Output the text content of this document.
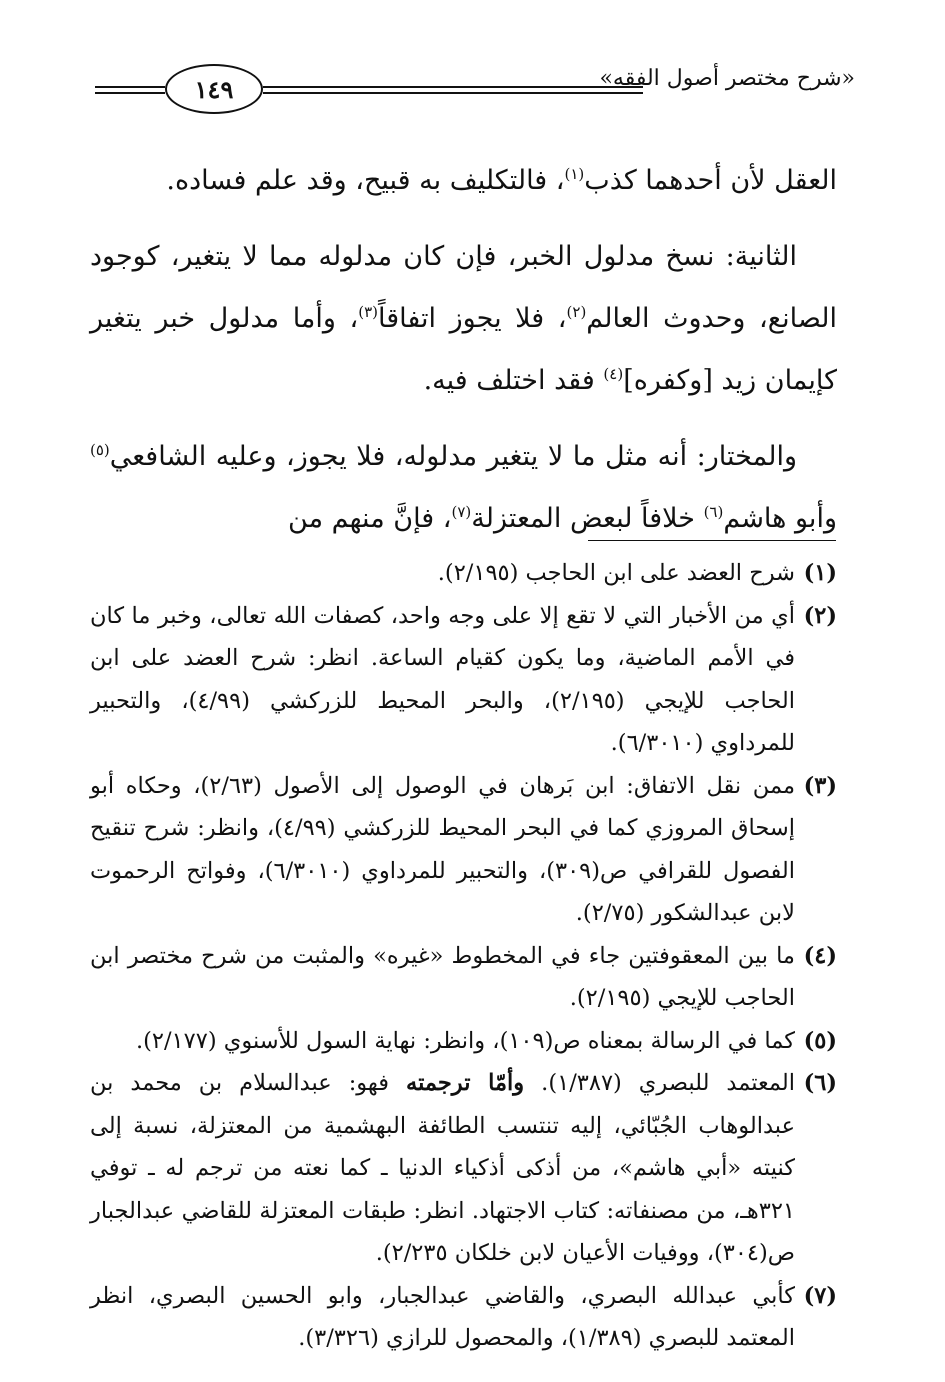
١٤٩	«شرح مختصر أصول الفقه»

العقل لأن أحدهما كذب$^{(١)}$، فالتكليف به قبيح، وقد علم فساده.

الثانية: نسخ مدلول الخبر، فإن كان مدلوله مما لا يتغير، كوجود الصانع، وحدوث العالم$^{(٢)}$، فلا يجوز اتفاقاً$^{(٣)}$، وأما مدلول خبر يتغير كإيمان زيد [وكفره]$^{(٤)}$ فقد اختلف فيه.

والمختار: أنه مثل ما لا يتغير مدلوله، فلا يجوز، وعليه الشافعي$^{(٥)}$ وأبو هاشم$^{(٦)}$ خلافاً لبعض المعتزلة$^{(٧)}$، فإنَّ منهم من

(١)
شرح العضد على ابن الحاجب (٢/١٩٥).
(٢)
أي من الأخبار التي لا تقع إلا على وجه واحد، كصفات الله تعالى، وخبر ما كان في الأمم الماضية، وما يكون كقيام الساعة. انظر: شرح العضد على ابن الحاجب للإيجي (٢/١٩٥)، والبحر المحيط للزركشي (٤/٩٩)، والتحبير للمرداوي (٦/٣٠١٠).
(٣)
ممن نقل الاتفاق: ابن بَرهان في الوصول إلى الأصول (٢/٦٣)، وحكاه أبو إسحاق المروزي كما في البحر المحيط للزركشي (٤/٩٩)، وانظر: شرح تنقيح الفصول للقرافي ص(٣٠٩)، والتحبير للمرداوي (٦/٣٠١٠)، وفواتح الرحموت لابن عبدالشكور (٢/٧٥).
(٤)
ما بين المعقوفتين جاء في المخطوط «غيره» والمثبت من شرح مختصر ابن الحاجب للإيجي (٢/١٩٥).
(٥)
كما في الرسالة بمعناه ص(١٠٩)، وانظر: نهاية السول للأسنوي (٢/١٧٧).
(٦)
المعتمد للبصري (١/٣٨٧). وأمّا ترجمته فهو: عبدالسلام بن محمد بن عبدالوهاب الجُبّائي، إليه تنتسب الطائفة البهشمية من المعتزلة، نسبة إلى كنيته «أبي هاشم»، من أذكى أذكياء الدنيا ـ كما نعته من ترجم له ـ توفي ٣٢١هـ، من مصنفاته: كتاب الاجتهاد. انظر: طبقات المعتزلة للقاضي عبدالجبار ص(٣٠٤)، ووفيات الأعيان لابن خلكان ٢/٢٣٥).
(٧)
كأبي عبدالله البصري، والقاضي عبدالجبار، وابو الحسين البصري، انظر المعتمد للبصري (١/٣٨٩)، والمحصول للرازي (٣/٣٢٦).
